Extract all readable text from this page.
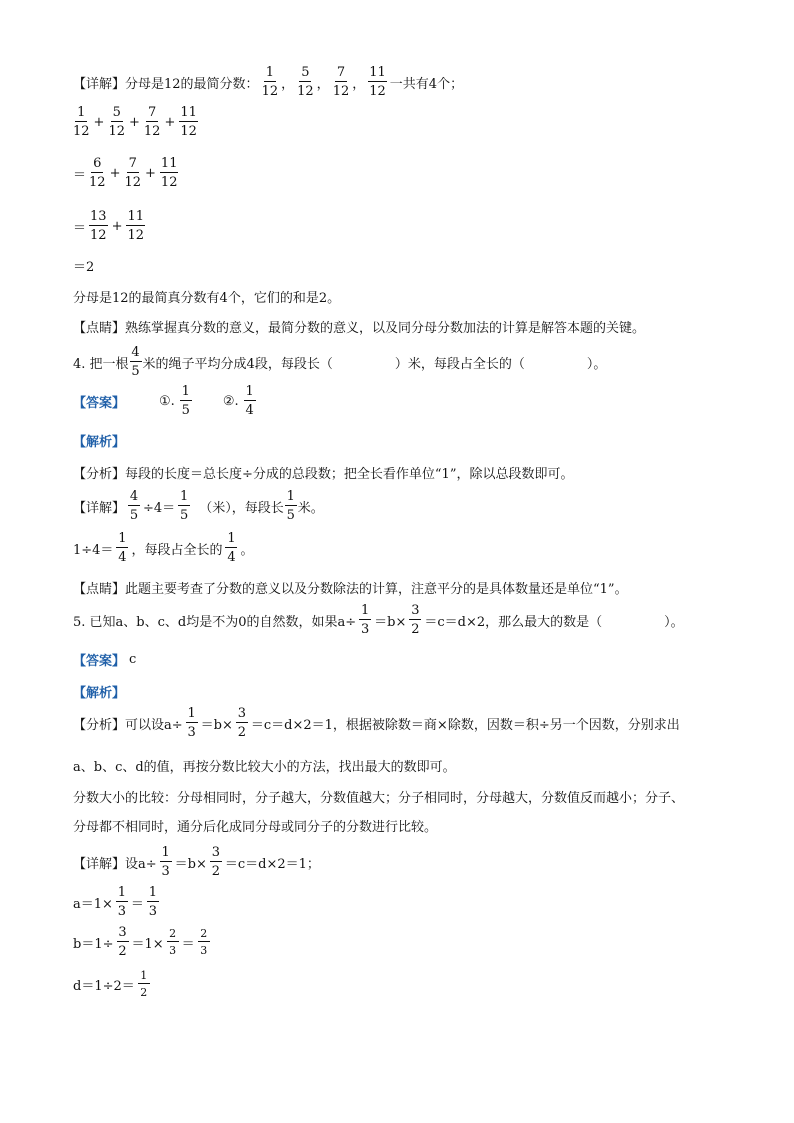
【详解】 分母是12的最简分数： $\frac{1}{12}$ ， $\frac{5}{12}$ ， $\frac{7}{12}$ ， $\frac{11}{12}$ 一共有4个；
$\frac{1}{12} + \frac{5}{12} + \frac{7}{12} + \frac{11}{12}$
＝ $\frac{6}{12} + \frac{7}{12} + \frac{11}{12}$
＝ $\frac{13}{12} + \frac{11}{12}$
＝2
分母是12的最简真分数有4个，它们的和是2。
【点睛】 熟练掌握真分数的意义，最简分数的意义，以及同分母分数加法的计算是解答本题的关键。
4. 把一根 $\frac{4}{5}$ 米的绳子平均分成4段，每段长（	）米，每段占全长的（	）。
【答案】	①. $\frac{1}{5}$ ②. $\frac{1}{4}$
【解析】
【分析】 每段的长度＝总长度÷分成的总段数；把全长看作单位“1”，除以总段数即可。
【详解】 $\frac{4}{5} \div 4= \frac{1}{5}$ （米），每段长 $\frac{1}{5}$ 米。
$1\div 4= \frac{1}{4}$ ，每段占全长的 $\frac{1}{4}$ 。
【点睛】 此题主要考查了分数的意义以及分数除法的计算，注意平分的是具体数量还是单位“1”。
5. 已知a、b、c、d均是不为0的自然数，如果$a\div \frac{1}{3} =b\times \frac{3}{2} =c=d\times 2$，那么最大的数是（	）。
【答案】 c
【解析】
【分析】 可以设$a\div \frac{1}{3} =b\times \frac{3}{2} =c=d\times 2=1$，根据被除数＝商×除数，因数＝积÷另一个因数，分别求出
a、b、c、d的值，再按分数比较大小的方法，找出最大的数即可。
分数大小的比较：分母相同时，分子越大，分数值越大；分子相同时，分母越大，分数值反而越小；分子、
分母都不相同时，通分后化成同分母或同分子的分数进行比较。
【详解】 设$a\div \frac{1}{3} =b\times \frac{3}{2} =c=d\times 2=1$；
$a=1\times \frac{1}{3} = \frac{1}{3}$
$b=1\div \frac{3}{2} =1\times \frac{2}{3} = \frac{2}{3}$
$d=1\div 2= \frac{1}{2}$
